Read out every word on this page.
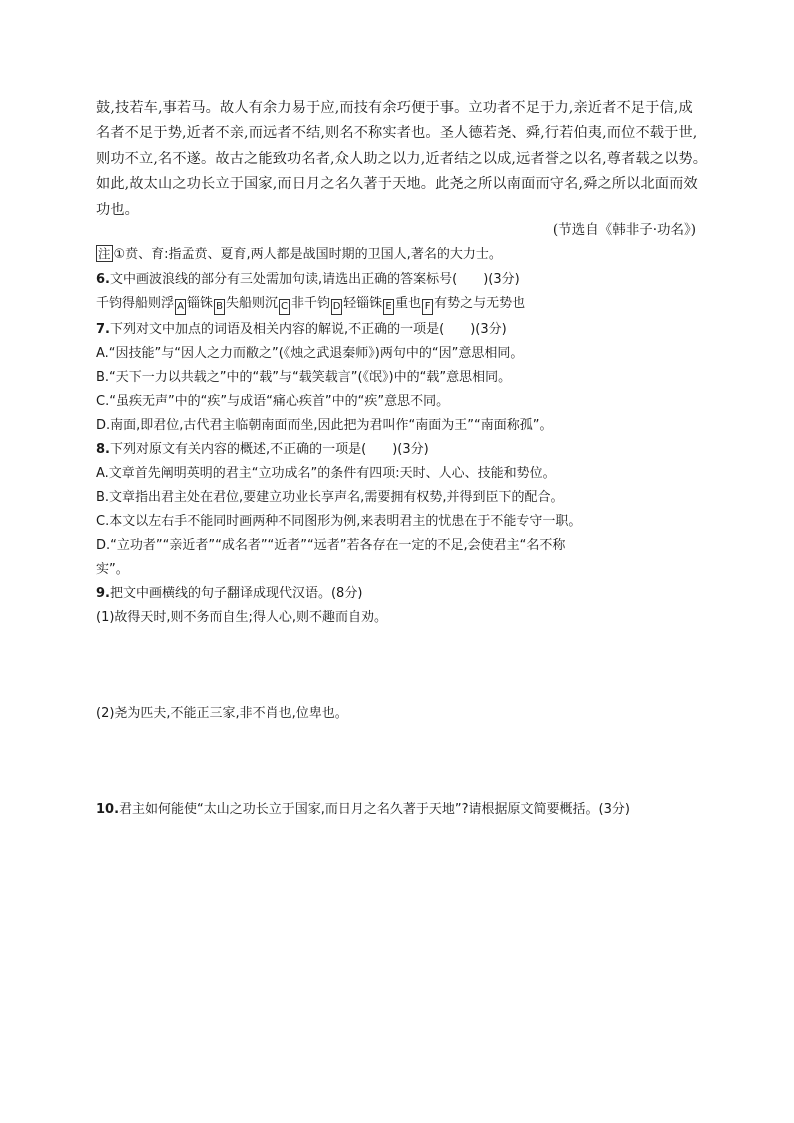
鼓,技若车,事若马。故人有余力易于应,而技有余巧便于事。立功者不足于力,亲近者不足于信,成

名者不足于势,近者不亲,而远者不结,则名不称实者也。圣人德若尧、舜,行若伯夷,而位不载于世,

则功不立,名不遂。故古之能致功名者,众人助之以力,近者结之以成,远者誉之以名,尊者载之以势。

如此,故太山之功长立于国家,而日月之名久著于天地。此尧之所以南面而守名,舜之所以北面而效

功也。

(节选自《韩非子·功名》)
注 ①贲、育:指孟贲、夏育,两人都是战国时期的卫国人,著名的大力士。
6.文中画波浪线的部分有三处需加句读,请选出正确的答案标号(　　)(3分)
千钧得船则浮 A 锱铢 B 失船则沉 C 非千钧 D 轻锱铢 E 重也 F 有势之与无势也
7.下列对文中加点的词语及相关内容的解说,不正确的一项是(　　)(3分)
A.“因技能”与“因人之力而敝之”(《烛之武退秦师》)两句中的“因”意思相同。
B.“天下一力以共载之”中的“载”与“载笑载言”(《氓》)中的“载”意思相同。
C.“虽疾无声”中的“疾”与成语“痛心疾首”中的“疾”意思不同。
D.南面,即君位,古代君主临朝南面而坐,因此把为君叫作“南面为王”“南面称孤”。
8.下列对原文有关内容的概述,不正确的一项是(　　)(3分)
A.文章首先阐明英明的君主“立功成名”的条件有四项:天时、人心、技能和势位。
B.文章指出君主处在君位,要建立功业长享声名,需要拥有权势,并得到臣下的配合。
C.本文以左右手不能同时画两种不同图形为例,来表明君主的忧患在于不能专守一职。
D.“立功者”“亲近者”“成名者”“近者”“远者”若各存在一定的不足,会使君主“名不称
实”。
9.把文中画横线的句子翻译成现代汉语。(8分)
(1)故得天时,则不务而自生;得人心,则不趣而自劝。
(2)尧为匹夫,不能正三家,非不肖也,位卑也。
10.君主如何能使“太山之功长立于国家,而日月之名久著于天地”?请根据原文简要概括。(3分)
